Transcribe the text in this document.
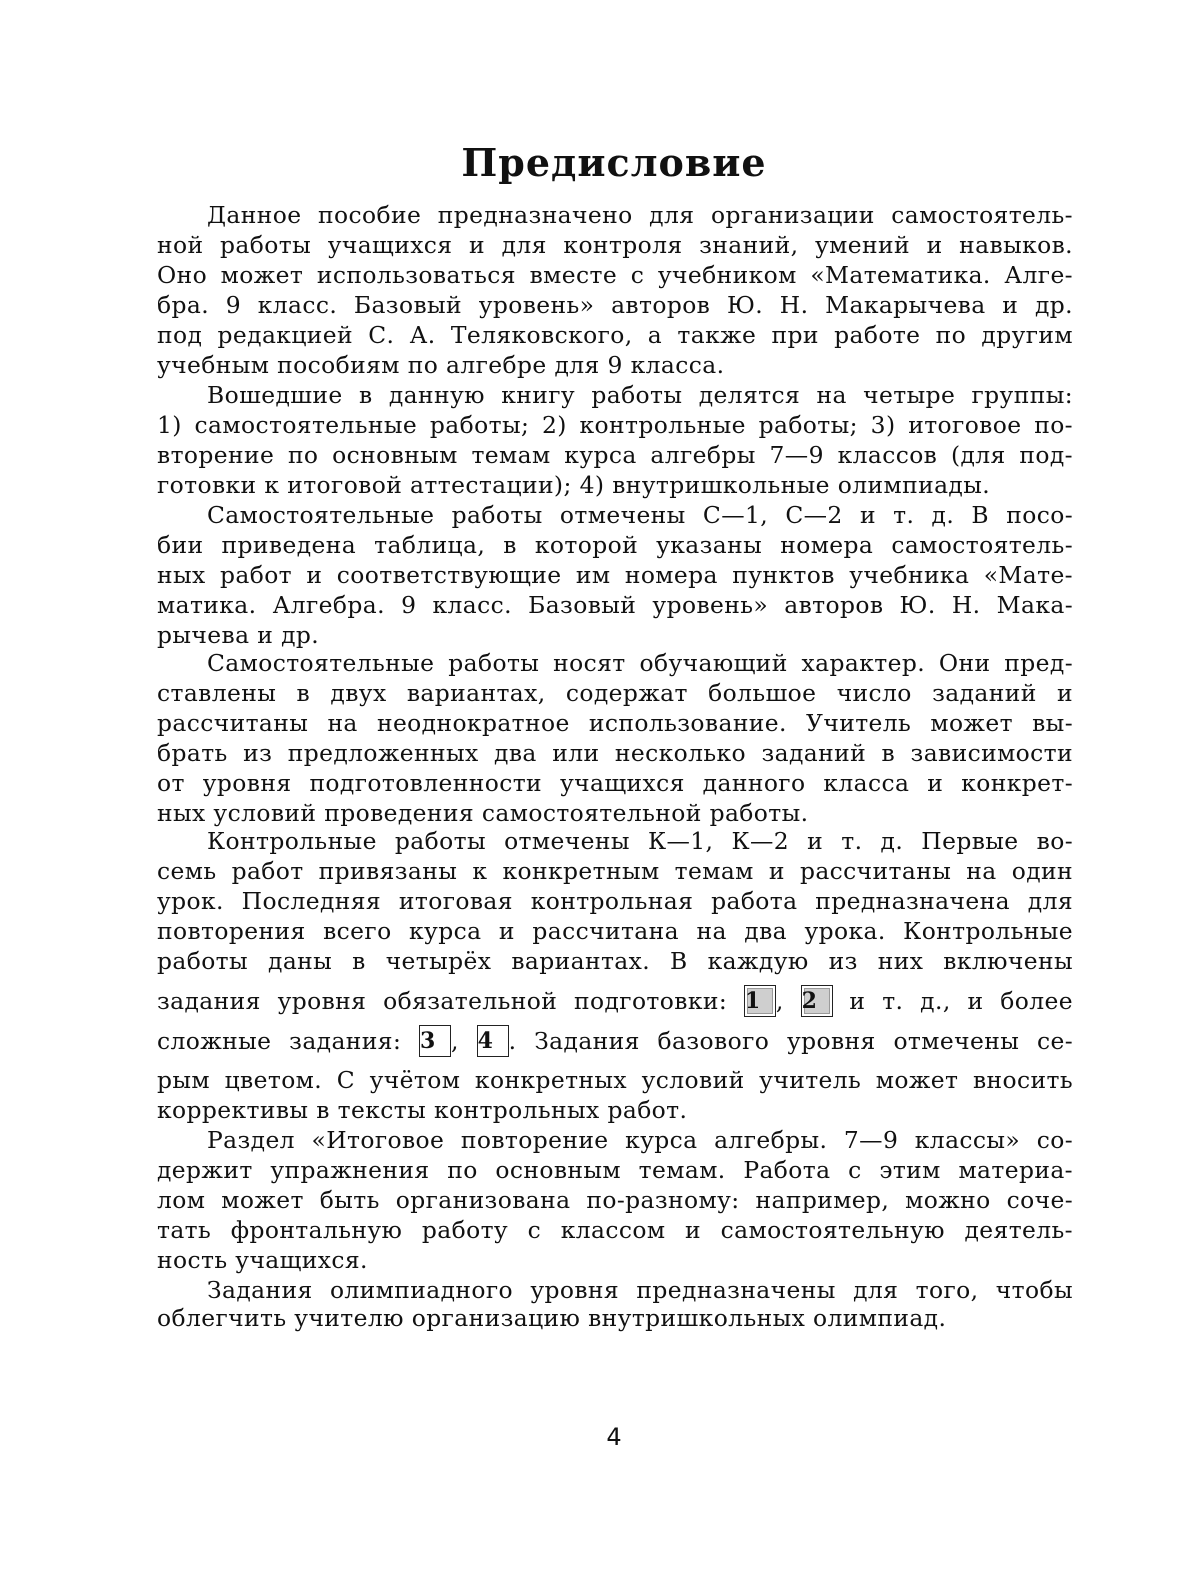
Предисловие
Данное пособие предназначено для организации самостоятель-
ной работы учащихся и для контроля знаний, умений и навыков.
Оно может использоваться вместе с учебником «Математика. Алге-
бра. 9 класс. Базовый уровень» авторов Ю. Н. Макарычева и др.
под редакцией С. А. Теляковского, а также при работе по другим
учебным пособиям по алгебре для 9 класса.
Вошедшие в данную книгу работы делятся на четыре группы:
1) самостоятельные работы; 2) контрольные работы; 3) итоговое по-
вторение по основным темам курса алгебры 7—9 классов (для под-
готовки к итоговой аттестации); 4) внутришкольные олимпиады.
Самостоятельные работы отмечены С—1, С—2 и т. д. В посо-
бии приведена таблица, в которой указаны номера самостоятель-
ных работ и соответствующие им номера пунктов учебника «Мате-
матика. Алгебра. 9 класс. Базовый уровень» авторов Ю. Н. Мака-
рычева и др.
Самостоятельные работы носят обучающий характер. Они пред-
ставлены в двух вариантах, содержат большое число заданий и
рассчитаны на неоднократное использование. Учитель может вы-
брать из предложенных два или несколько заданий в зависимости
от уровня подготовленности учащихся данного класса и конкрет-
ных условий проведения самостоятельной работы.
Контрольные работы отмечены К—1, К—2 и т. д. Первые во-
семь работ привязаны к конкретным темам и рассчитаны на один
урок. Последняя итоговая контрольная работа предназначена для
повторения всего курса и рассчитана на два урока. Контрольные
работы даны в четырёх вариантах. В каждую из них включены
задания уровня обязательной подготовки: 1 , 2 и т. д., и более
сложные задания: 3 , 4 . Задания базового уровня отмечены се-
рым цветом. С учётом конкретных условий учитель может вносить
коррективы в тексты контрольных работ.
Раздел «Итоговое повторение курса алгебры. 7—9 классы» со-
держит упражнения по основным темам. Работа с этим материа-
лом может быть организована по-разному: например, можно соче-
тать фронтальную работу с классом и самостоятельную деятель-
ность учащихся.
Задания олимпиадного уровня предназначены для того, чтобы
облегчить учителю организацию внутришкольных олимпиад.
4
